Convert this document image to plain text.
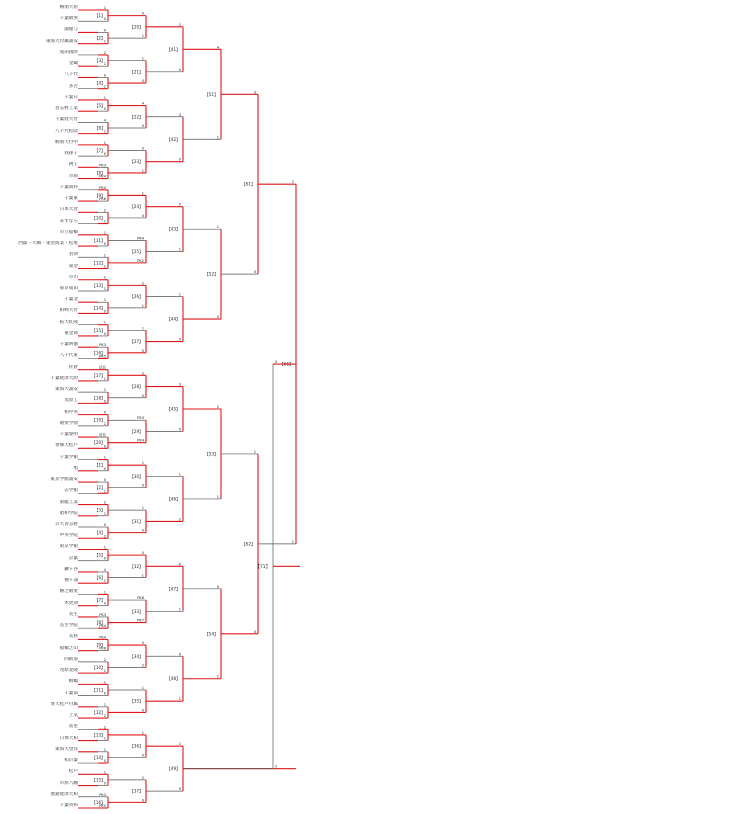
桐朋大希
千葉敬愛
淑徳与
東海大付属浦安
成田国際
金蔵
八千代
多古
千葉日
習志野工業
千葉経大付
八千代松陰
桐朋大付中
我孫子
銚子
市原
千葉商科
千葉東
日本大習
あすなろ
市立船橋
西邸・大網・東金商業・松尾
君津
東金
市川
東京成田
千葉北
柏崎大付
拓大紅陵
東金商
千葉明徳
八千代東
佐倉
千葉経済大附
東海大浦安
茂原工
柏中央
敬愛学園
千葉黎明
専修大松戸
千葉学館
旭
東京学館浦安
志学館
東総工業
昭和学院
日大習志野
中央学院
東京学館
京葉
鎌ヶ谷
袖ヶ浦
横芝敬愛
木更津
長生
長生学院
長狭
船橋芝山
四街道
茂原北陵
犢橋
千葉南
専大松戸付属
土気
富里
日体大柏
東海大望洋
柏の葉
松戸
市原八幡
流通経済大柏
千葉英和
【1】
1
0
【2】
0
1
【3】
2
1
【4】
0
2
【5】
1
0
【6】
4
1
【7】
1
0
【8】
PK3
PK4
【9】
PK4
PK6
【10】
2
1
【11】
1
0
【12】
1
2
【13】
2
1
【14】
1
0
【15】
1
0
【16】
PK3
PK5
【17】
延長
1
【18】
2
0
【19】
0
1
【20】
延長
0
【1】
1
0
【2】
0
1
【3】
2
1
【4】
0
2
【5】
1
0
【6】
4
1
【7】
1
0
【8】
PK3
PK4
【9】
PK4
PK6
【10】
2
1
【11】
1
0
【12】
1
2
【13】
2
1
【14】
1
0
【15】
1
0
【16】
PK3
PK5
【20】
0
1
【21】
1
0
【22】
4
0
【23】
0
1
【24】
1
0
【25】
PK4
PK2
【26】
2
1
【27】
1
0
【28】
2
0
【29】
PK3
PK4
【30】
1
0
【31】
1
0
【32】
0
1
【33】
PK8
PK7
【34】
0
2
【35】
1
0
【36】
1
0
【37】
2
0
【41】
2
0
【42】
3
0
【43】
0
1
【44】
1
0
【45】
3
0
【46】
1
2
【47】
0
1
【48】
0
1
【49】
1
0
【51】
4
1
【52】
1
0
【53】
2
1
【54】
0
2
【61】
3
0
【62】
1
0
【66】
2
1
【71】
0
2
